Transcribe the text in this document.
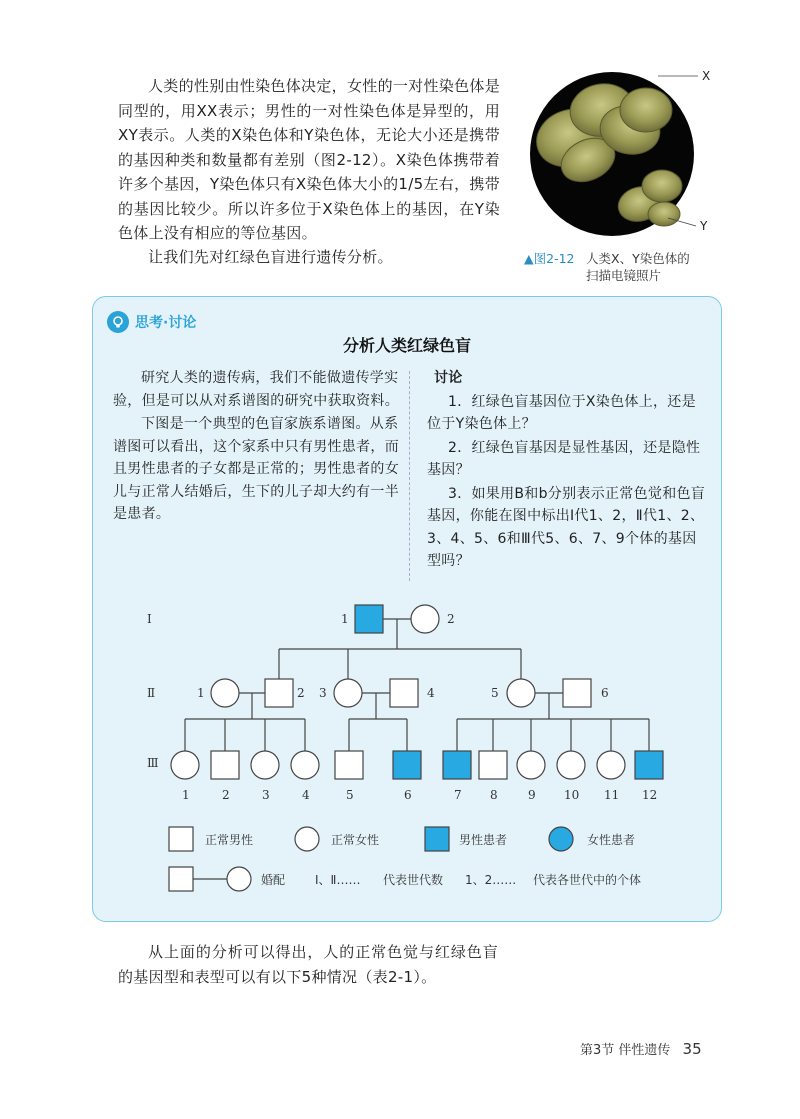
人类的性别由性染色体决定，女性的一对性染色体是同型的，用XX表示；男性的一对性染色体是异型的，用XY表示。人类的X染色体和Y染色体，无论大小还是携带的基因种类和数量都有差别（图2-12）。X染色体携带着许多个基因，Y染色体只有X染色体大小的1/5左右，携带的基因比较少。所以许多位于X染色体上的基因，在Y染色体上没有相应的等位基因。

让我们先对红绿色盲进行遗传分析。

X
Y
▲图2-12 人类X、Y染色体的扫描电镜照片
思考·讨论
分析人类红绿色盲

研究人类的遗传病，我们不能做遗传学实验，但是可以从对系谱图的研究中获取资料。

下图是一个典型的色盲家族系谱图。从系谱图可以看出，这个家系中只有男性患者，而且男性患者的子女都是正常的；男性患者的女儿与正常人结婚后，生下的儿子却大约有一半是患者。

讨论

1．红绿色盲基因位于X染色体上，还是位于Y染色体上？

2．红绿色盲基因是显性基因，还是隐性基因？

3．如果用B和b分别表示正常色觉和色盲基因，你能在图中标出Ⅰ代1、2，Ⅱ代1、2、3、4、5、6和Ⅲ代5、6、7、9个体的基因型吗？

Ⅰ
Ⅱ
Ⅲ
1	2
1	2 3	4	5	6
1	2	3	4	5	6	7 8	9 10 11 12
正常男性	正常女性	男性患者	女性患者
婚配 Ⅰ、Ⅱ…… 代表世代数 1、2…… 代表各世代中的个体

从上面的分析可以得出，人的正常色觉与红绿色盲的基因型和表型可以有以下5种情况（表2-1）。

第3节 伴性遗传 35
